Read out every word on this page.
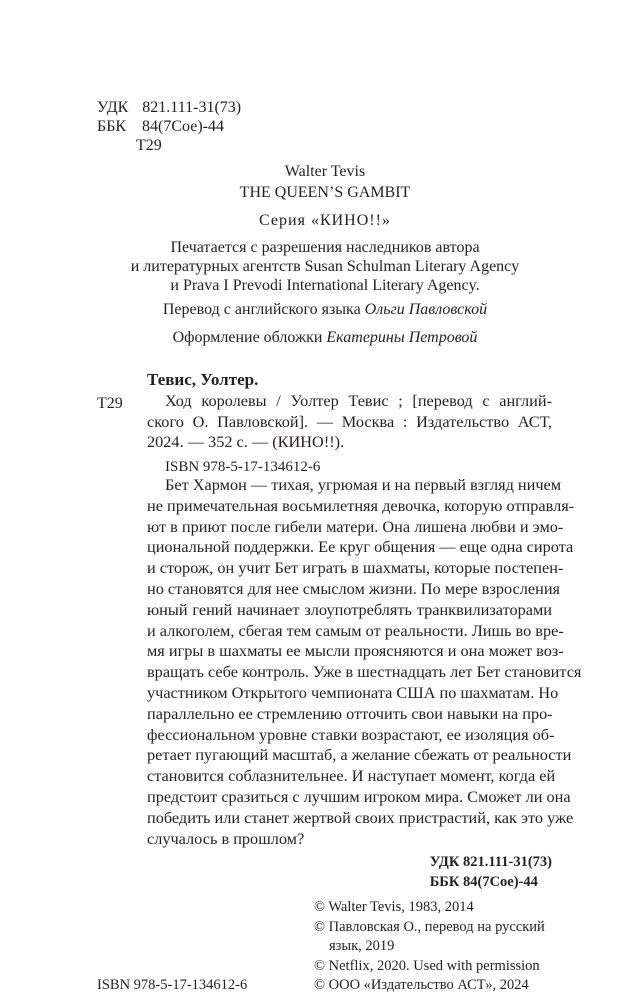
УДК 821.111-31(73)
ББК 84(7Сое)-44
Т29
Walter Tevis
THE QUEEN’S GAMBIT
Серия «КИНО!!»
Печатается с разрешения наследников автора
и литературных агентств Susan Schulman Literary Agency
и Prava I Prevodi International Literary Agency.
Перевод с английского языка Ольги Павловской
Оформление обложки Екатерины Петровой
Тевис, Уолтер.
Т29	Ход королевы / Уолтер Тевис ; [перевод с англий-
ского О. Павловской]. — Москва : Издательство АСТ,
2024. — 352 с. — (КИНО!!).
ISBN 978-5-17-134612-6
Бет Хармон — тихая, угрюмая и на первый взгляд ничем
не примечательная восьмилетняя девочка, которую отправля-
ют в приют после гибели матери. Она лишена любви и эмо-
циональной поддержки. Ее круг общения — еще одна сирота
и сторож, он учит Бет играть в шахматы, которые постепен-
но становятся для нее смыслом жизни. По мере взросления
юный гений начинает злоупотреблять транквилизаторами
и алкоголем, сбегая тем самым от реальности. Лишь во вре-
мя игры в шахматы ее мысли проясняются и она может воз-
вращать себе контроль. Уже в шестнадцать лет Бет становится
участником Открытого чемпионата США по шахматам. Но
параллельно ее стремлению отточить свои навыки на про-
фессиональном уровне ставки возрастают, ее изоляция об-
ретает пугающий масштаб, а желание сбежать от реальности
становится соблазнительнее. И наступает момент, когда ей
предстоит сразиться с лучшим игроком мира. Сможет ли она
победить или станет жертвой своих пристрастий, как это уже
случалось в прошлом?
УДК 821.111-31(73)
ББК 84(7Сое)-44
© Walter Tevis, 1983, 2014
© Павловская О., перевод на русский
язык, 2019
© Netflix, 2020. Used with permission
© ООО «Издательство АСТ», 2024
ISBN 978-5-17-134612-6
